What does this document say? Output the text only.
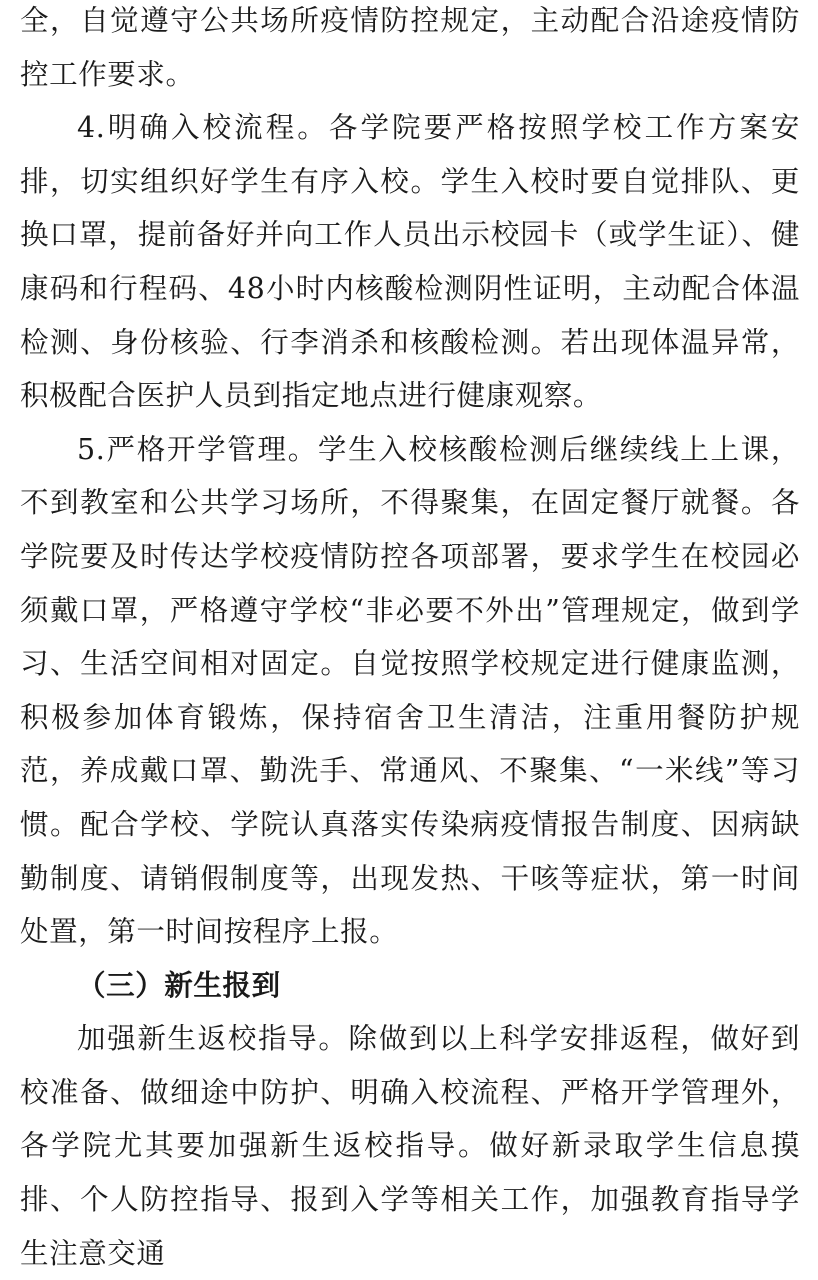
全，自觉遵守公共场所疫情防控规定，主动配合沿途疫情防控工作要求。

4.明确入校流程。各学院要严格按照学校工作方案安排，切实组织好学生有序入校。学生入校时要自觉排队、更换口罩，提前备好并向工作人员出示校园卡（或学生证）、健康码和行程码、48小时内核酸检测阴性证明，主动配合体温检测、身份核验、行李消杀和核酸检测。若出现体温异常，积极配合医护人员到指定地点进行健康观察。

5.严格开学管理。学生入校核酸检测后继续线上上课，不到教室和公共学习场所，不得聚集，在固定餐厅就餐。各学院要及时传达学校疫情防控各项部署，要求学生在校园必须戴口罩，严格遵守学校“非必要不外出”管理规定，做到学习、生活空间相对固定。自觉按照学校规定进行健康监测，积极参加体育锻炼，保持宿舍卫生清洁，注重用餐防护规范，养成戴口罩、勤洗手、常通风、不聚集、“一米线”等习惯。配合学校、学院认真落实传染病疫情报告制度、因病缺勤制度、请销假制度等，出现发热、干咳等症状，第一时间处置，第一时间按程序上报。

（三）新生报到

加强新生返校指导。除做到以上科学安排返程，做好到校准备、做细途中防护、明确入校流程、严格开学管理外，各学院尤其要加强新生返校指导。做好新录取学生信息摸排、个人防控指导、报到入学等相关工作，加强教育指导学生注意交通
